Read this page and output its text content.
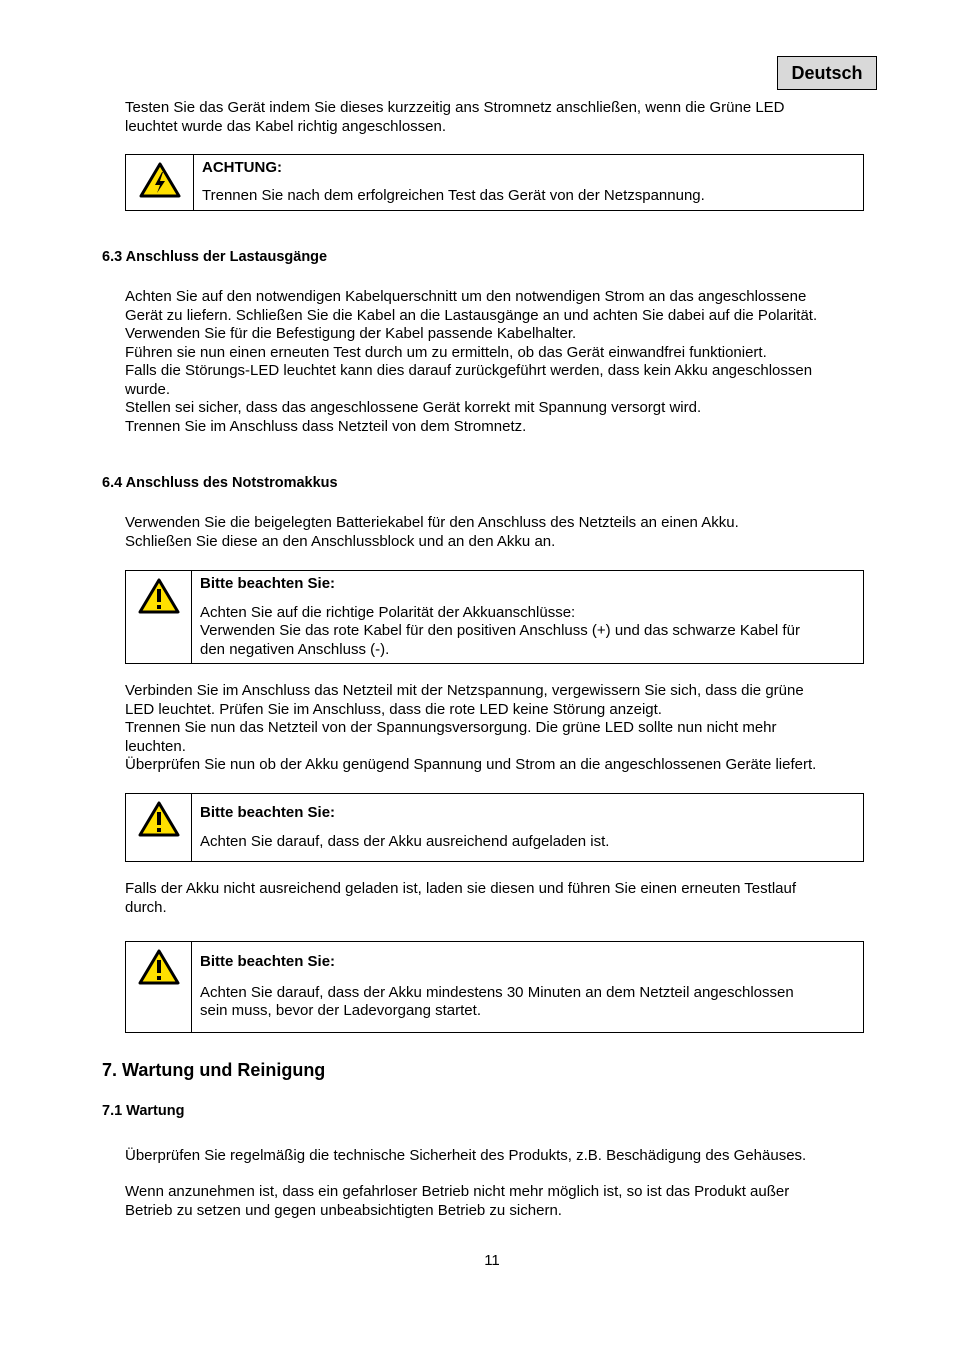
Deutsch

Testen Sie das Gerät indem Sie dieses kurzzeitig ans Stromnetz anschließen, wenn die Grüne LED

leuchtet wurde das Kabel richtig angeschlossen.

ACHTUNG:

Trennen Sie nach dem erfolgreichen Test das Gerät von der Netzspannung.

6.3 Anschluss der Lastausgänge

Achten Sie auf den notwendigen Kabelquerschnitt um den notwendigen Strom an das angeschlossene

Gerät zu liefern. Schließen Sie die Kabel an die Lastausgänge an und achten Sie dabei auf die Polarität.

Verwenden Sie für die Befestigung der Kabel passende Kabelhalter.

Führen sie nun einen erneuten Test durch um zu ermitteln, ob das Gerät einwandfrei funktioniert.

Falls die Störungs-LED leuchtet kann dies darauf zurückgeführt werden, dass kein Akku angeschlossen

wurde.

Stellen sei sicher, dass das angeschlossene Gerät korrekt mit Spannung versorgt wird.

Trennen Sie im Anschluss dass Netzteil von dem Stromnetz.

6.4 Anschluss des Notstromakkus

Verwenden Sie die beigelegten Batteriekabel für den Anschluss des Netzteils an einen Akku.

Schließen Sie diese an den Anschlussblock und an den Akku an.

Bitte beachten Sie:

Achten Sie auf die richtige Polarität der Akkuanschlüsse:

Verwenden Sie das rote Kabel für den positiven Anschluss (+) und das schwarze Kabel für

den negativen Anschluss (-).

Verbinden Sie im Anschluss das Netzteil mit der Netzspannung, vergewissern Sie sich, dass die grüne

LED leuchtet. Prüfen Sie im Anschluss, dass die rote LED keine Störung anzeigt.

Trennen Sie nun das Netzteil von der Spannungsversorgung. Die grüne LED sollte nun nicht mehr

leuchten.

Überprüfen Sie nun ob der Akku genügend Spannung und Strom an die angeschlossenen Geräte liefert.

Bitte beachten Sie:

Achten Sie darauf, dass der Akku ausreichend aufgeladen ist.

Falls der Akku nicht ausreichend geladen ist, laden sie diesen und führen Sie einen erneuten Testlauf

durch.

Bitte beachten Sie:

Achten Sie darauf, dass der Akku mindestens 30 Minuten an dem Netzteil angeschlossen

sein muss, bevor der Ladevorgang startet.

7. Wartung und Reinigung

7.1 Wartung

Überprüfen Sie regelmäßig die technische Sicherheit des Produkts, z.B. Beschädigung des Gehäuses.

Wenn anzunehmen ist, dass ein gefahrloser Betrieb nicht mehr möglich ist, so ist das Produkt außer

Betrieb zu setzen und gegen unbeabsichtigten Betrieb zu sichern.

11
